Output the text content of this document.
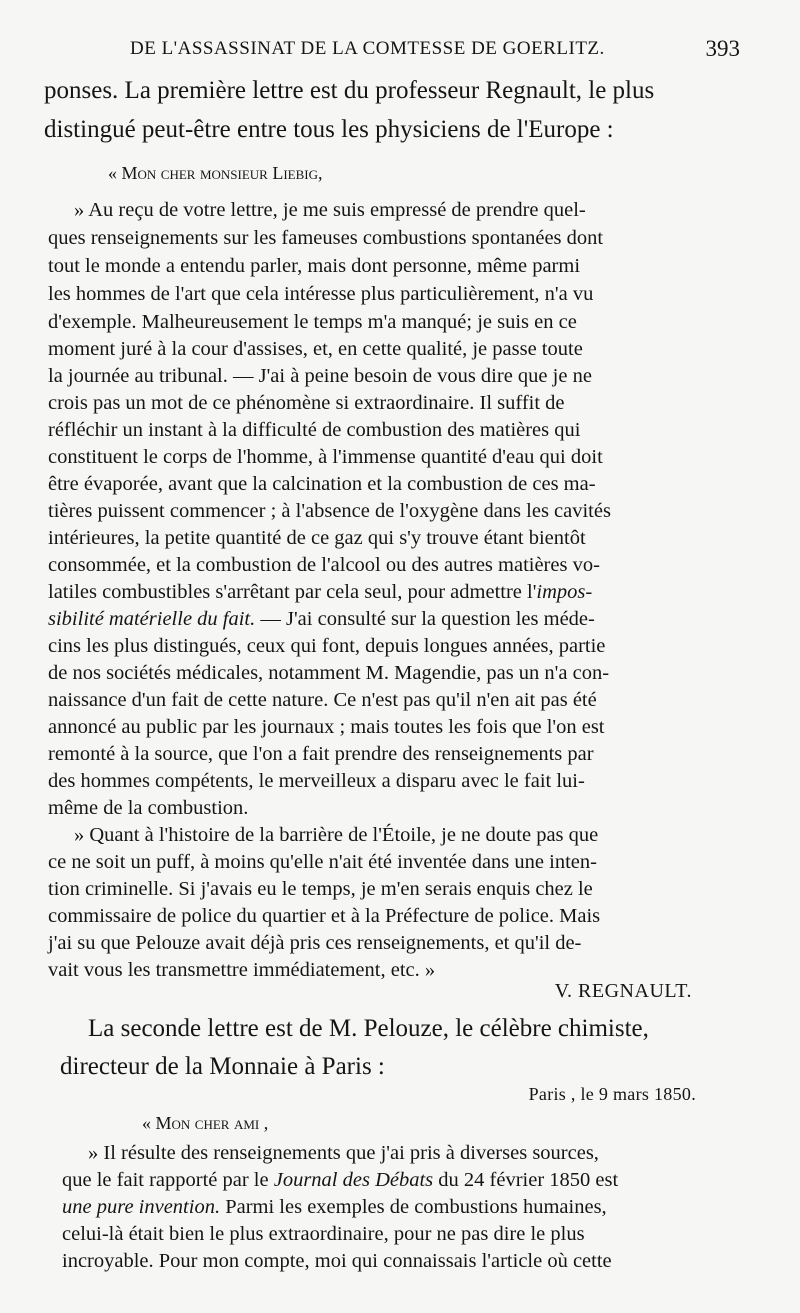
DE L'ASSASSINAT DE LA COMTESSE DE GOERLITZ.	393
ponses. La première lettre est du professeur Regnault, le plus
distingué peut-être entre tous les physiciens de l'Europe :
« Mon cher monsieur Liebig,
» Au reçu de votre lettre, je me suis empressé de prendre quel-
ques renseignements sur les fameuses combustions spontanées dont
tout le monde a entendu parler, mais dont personne, même parmi
les hommes de l'art que cela intéresse plus particulièrement, n'a vu
d'exemple. Malheureusement le temps m'a manqué; je suis en ce
moment juré à la cour d'assises, et, en cette qualité, je passe toute
la journée au tribunal. — J'ai à peine besoin de vous dire que je ne
crois pas un mot de ce phénomène si extraordinaire. Il suffit de
réfléchir un instant à la difficulté de combustion des matières qui
constituent le corps de l'homme, à l'immense quantité d'eau qui doit
être évaporée, avant que la calcination et la combustion de ces ma-
tières puissent commencer ; à l'absence de l'oxygène dans les cavités
intérieures, la petite quantité de ce gaz qui s'y trouve étant bientôt
consommée, et la combustion de l'alcool ou des autres matières vo-
latiles combustibles s'arrêtant par cela seul, pour admettre l'impos-
sibilité matérielle du fait. — J'ai consulté sur la question les méde-
cins les plus distingués, ceux qui font, depuis longues années, partie
de nos sociétés médicales, notamment M. Magendie, pas un n'a con-
naissance d'un fait de cette nature. Ce n'est pas qu'il n'en ait pas été
annoncé au public par les journaux ; mais toutes les fois que l'on est
remonté à la source, que l'on a fait prendre des renseignements par
des hommes compétents, le merveilleux a disparu avec le fait lui-
même de la combustion.
» Quant à l'histoire de la barrière de l'Étoile, je ne doute pas que
ce ne soit un puff, à moins qu'elle n'ait été inventée dans une inten-
tion criminelle. Si j'avais eu le temps, je m'en serais enquis chez le
commissaire de police du quartier et à la Préfecture de police. Mais
j'ai su que Pelouze avait déjà pris ces renseignements, et qu'il de-
vait vous les transmettre immédiatement, etc. »
V. REGNAULT.
La seconde lettre est de M. Pelouze, le célèbre chimiste,
directeur de la Monnaie à Paris :
Paris , le 9 mars 1850.
« Mon cher ami ,
» Il résulte des renseignements que j'ai pris à diverses sources,
que le fait rapporté par le Journal des Débats du 24 février 1850 est
une pure invention. Parmi les exemples de combustions humaines,
celui-là était bien le plus extraordinaire, pour ne pas dire le plus
incroyable. Pour mon compte, moi qui connaissais l'article où cette
